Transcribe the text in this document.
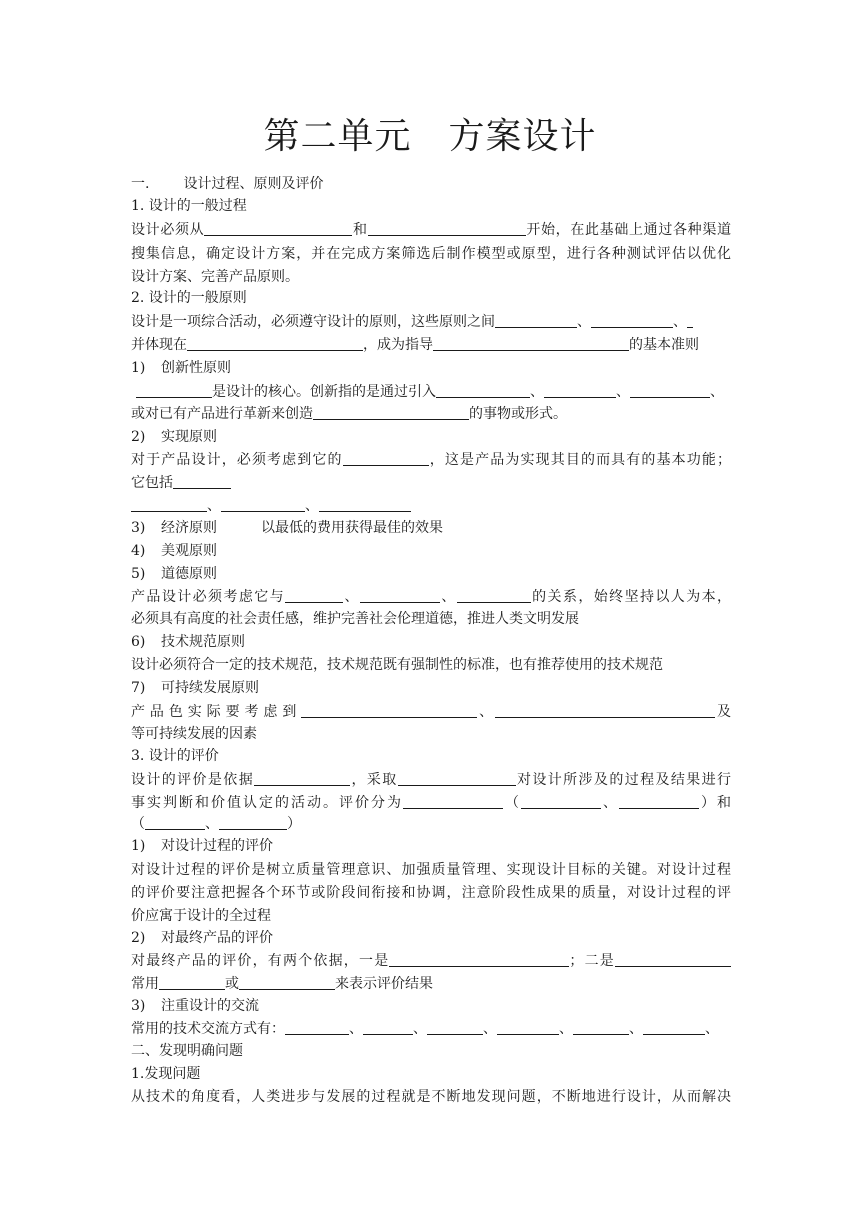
第二单元　方案设计
一. 设计过程、原则及评价
1. 设计的一般过程
设计必须从	和	开始，在此基础上通过各种渠道
搜集信息，确定设计方案，并在完成方案筛选后制作模型或原型，进行各种测试评估以优化
设计方案、完善产品原则。
2. 设计的一般原则
设计是一项综合活动，必须遵守设计的原则，这些原则之间	、	、
并体现在	，成为指导	的基本准则
1) 创新性原则
是设计的核心。创新指的是通过引入	、	、	、
或对已有产品进行革新来创造	的事物或形式。
2) 实现原则
对于产品设计，必须考虑到它的	，这是产品为实现其目的而具有的基本功能；
它包括
、	、
3) 经济原则	以最低的费用获得最佳的效果
4) 美观原则
5) 道德原则
产品设计必须考虑它与	、	、	的关系，始终坚持以人为本，
必须具有高度的社会责任感，维护完善社会伦理道德，推进人类文明发展
6) 技术规范原则
设计必须符合一定的技术规范，技术规范既有强制性的标准，也有推荐使用的技术规范
7) 可持续发展原则
产品色实际要考虑到	、	及
等可持续发展的因素
3. 设计的评价
设计的评价是依据	，采取	对设计所涉及的过程及结果进行
事实判断和价值认定的活动。评价分为	（	、	）和
（	、	）
1) 对设计过程的评价
对设计过程的评价是树立质量管理意识、加强质量管理、实现设计目标的关键。对设计过程
的评价要注意把握各个环节或阶段间衔接和协调，注意阶段性成果的质量，对设计过程的评
价应寓于设计的全过程
2) 对最终产品的评价
对最终产品的评价，有两个依据，一是	；二是
常用	或	来表示评价结果
3) 注重设计的交流
常用的技术交流方式有：	、	、	、	、	、	、
二、发现明确问题
1.发现问题
从技术的角度看，人类进步与发展的过程就是不断地发现问题，不断地进行设计，从而解决
